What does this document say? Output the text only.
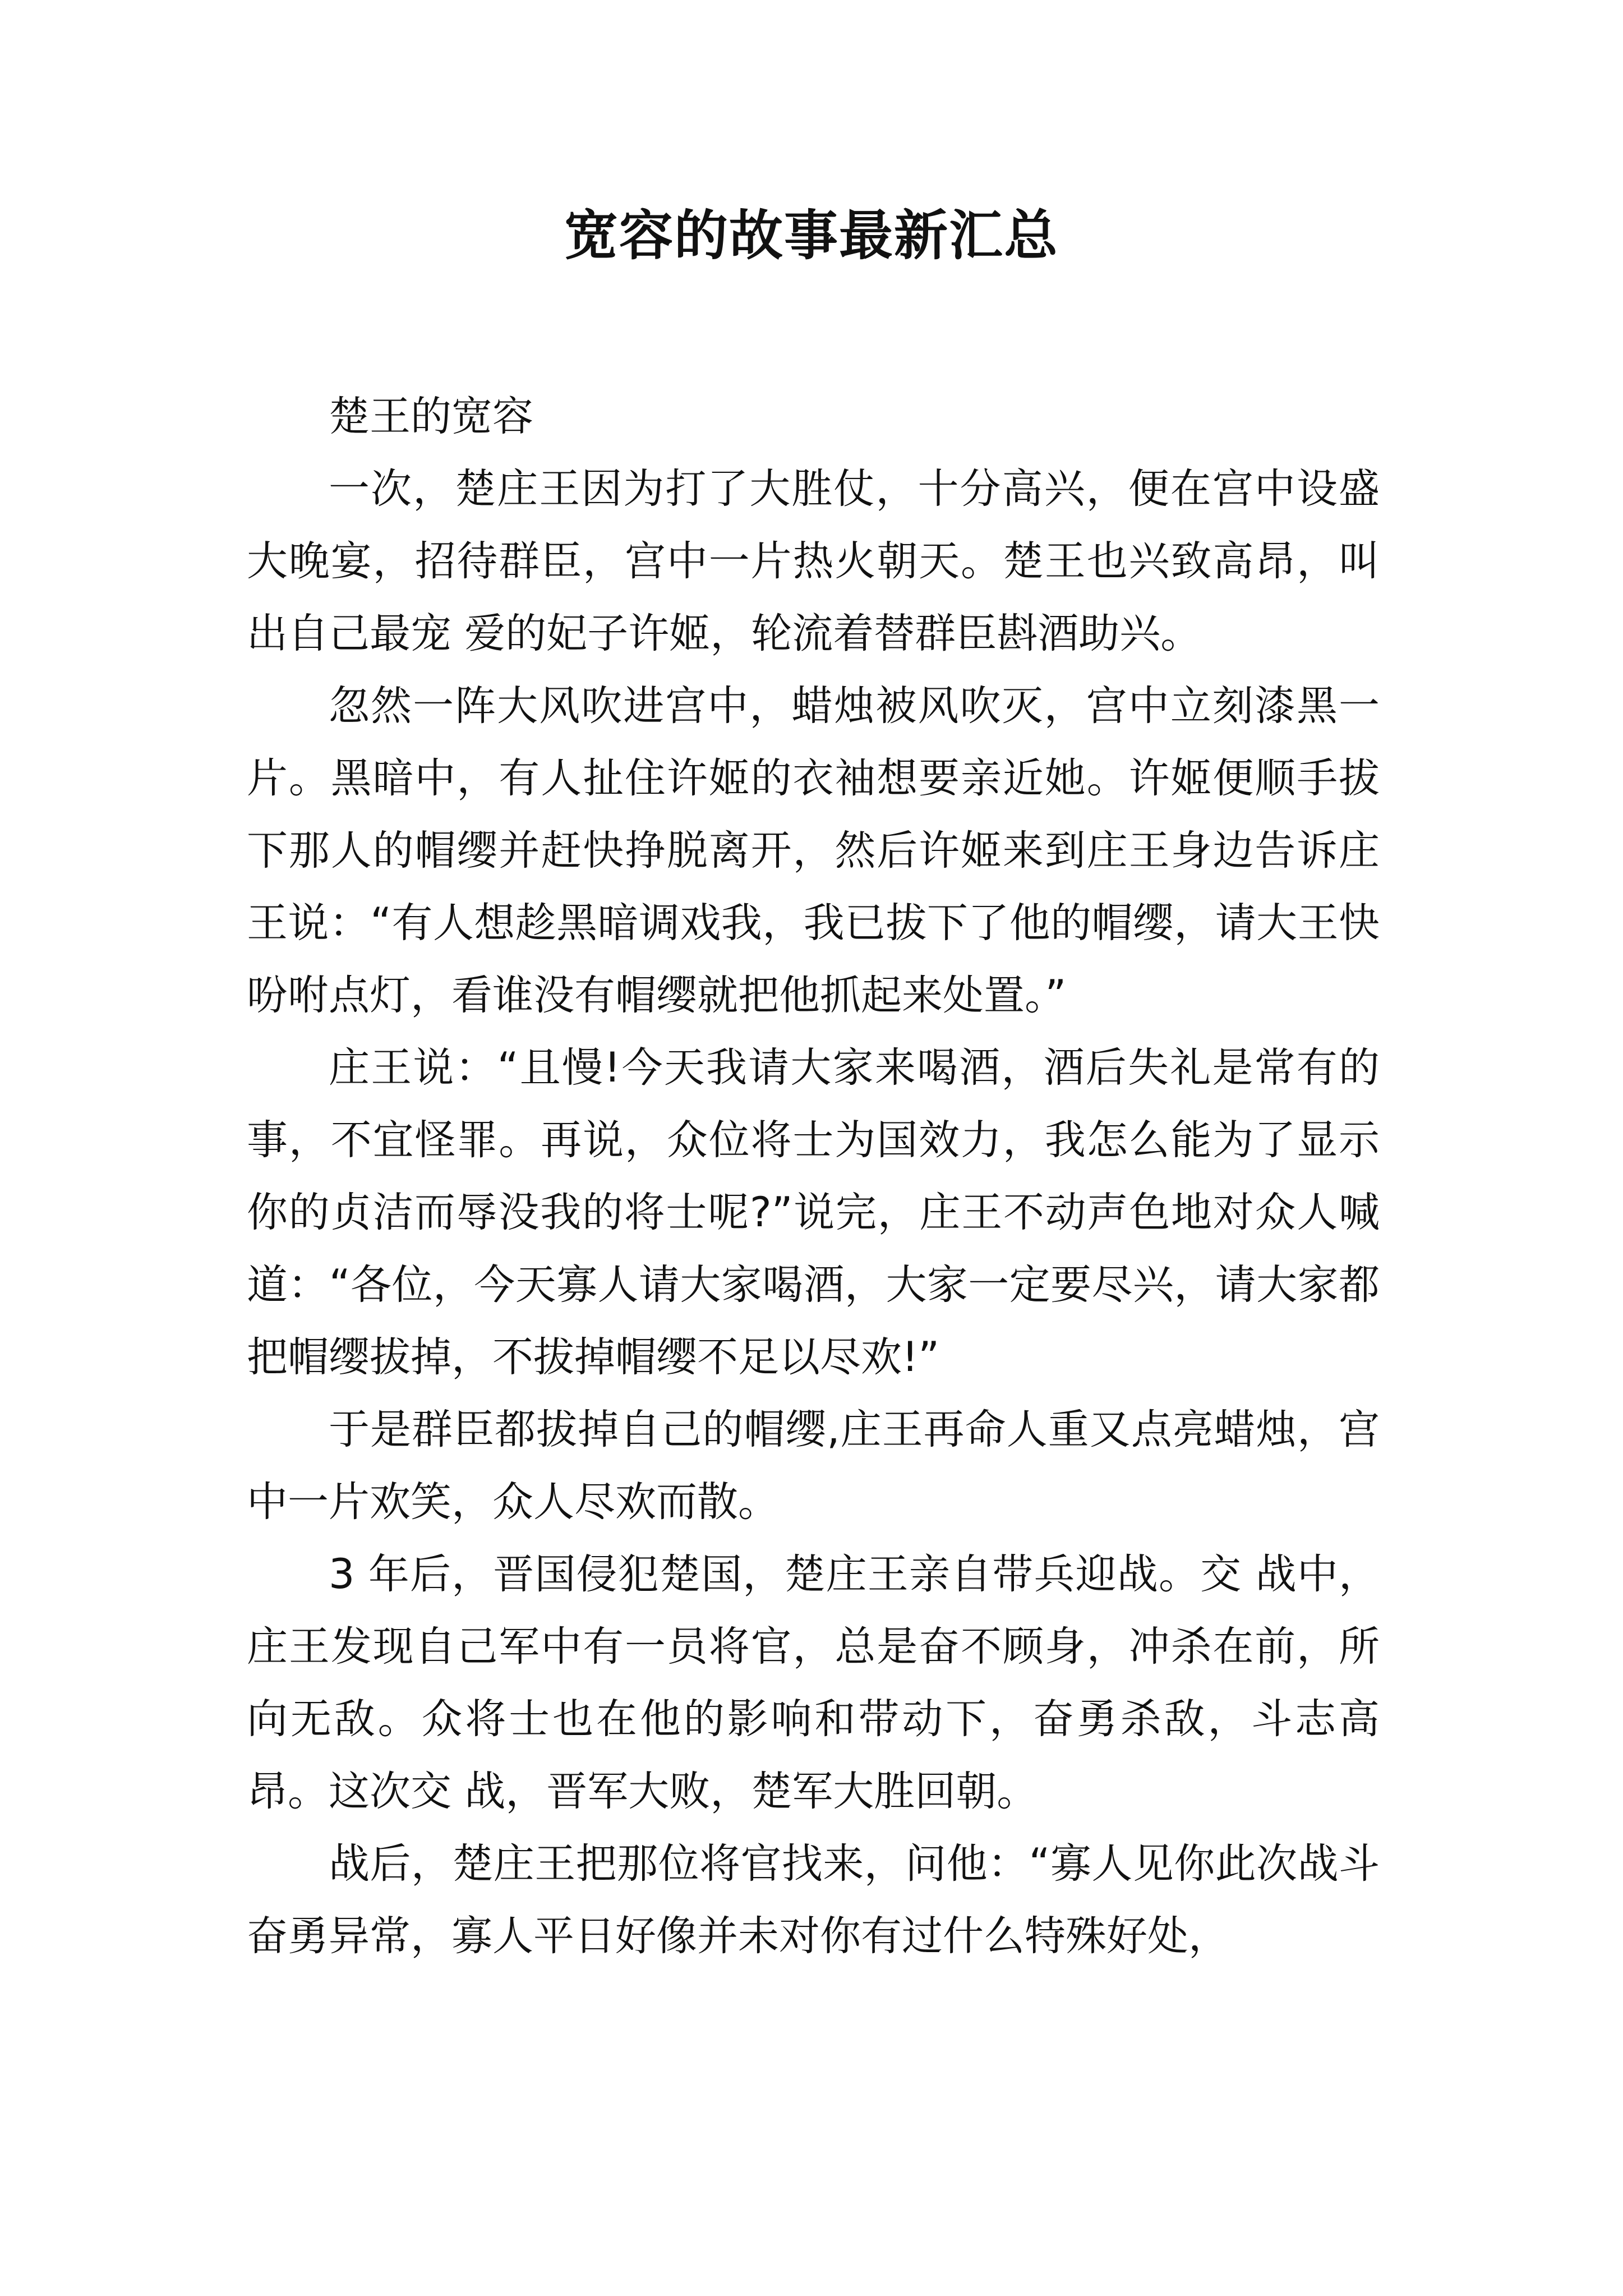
宽容的故事最新汇总

楚王的宽容

一次，楚庄王因为打了大胜仗，十分高兴，便在宫中设盛大晚宴，招待群臣，宫中一片热火朝天。楚王也兴致高昂，叫出自己最宠 爱的妃子许姬，轮流着替群臣斟酒助兴。

忽然一阵大风吹进宫中，蜡烛被风吹灭，宫中立刻漆黑一片。黑暗中，有人扯住许姬的衣袖想要亲近她。许姬便顺手拔下那人的帽缨并赶快挣脱离开，然后许姬来到庄王身边告诉庄王说：“有人想趁黑暗调戏我，我已拔下了他的帽缨，请大王快吩咐点灯，看谁没有帽缨就把他抓起来处置。”

庄王说：“且慢!今天我请大家来喝酒，酒后失礼是常有的事，不宜怪罪。再说，众位将士为国效力，我怎么能为了显示你的贞洁而辱没我的将士呢?”说完，庄王不动声色地对众人喊道：“各位，今天寡人请大家喝酒，大家一定要尽兴，请大家都把帽缨拔掉，不拔掉帽缨不足以尽欢!”

于是群臣都拔掉自己的帽缨,庄王再命人重又点亮蜡烛，宫中一片欢笑，众人尽欢而散。

3 年后，晋国侵犯楚国，楚庄王亲自带兵迎战。交 战中，庄王发现自己军中有一员将官，总是奋不顾身，冲杀在前，所向无敌。众将士也在他的影响和带动下，奋勇杀敌，斗志高昂。这次交 战，晋军大败，楚军大胜回朝。

战后，楚庄王把那位将官找来，问他：“寡人见你此次战斗奋勇异常，寡人平日好像并未对你有过什么特殊好处，
